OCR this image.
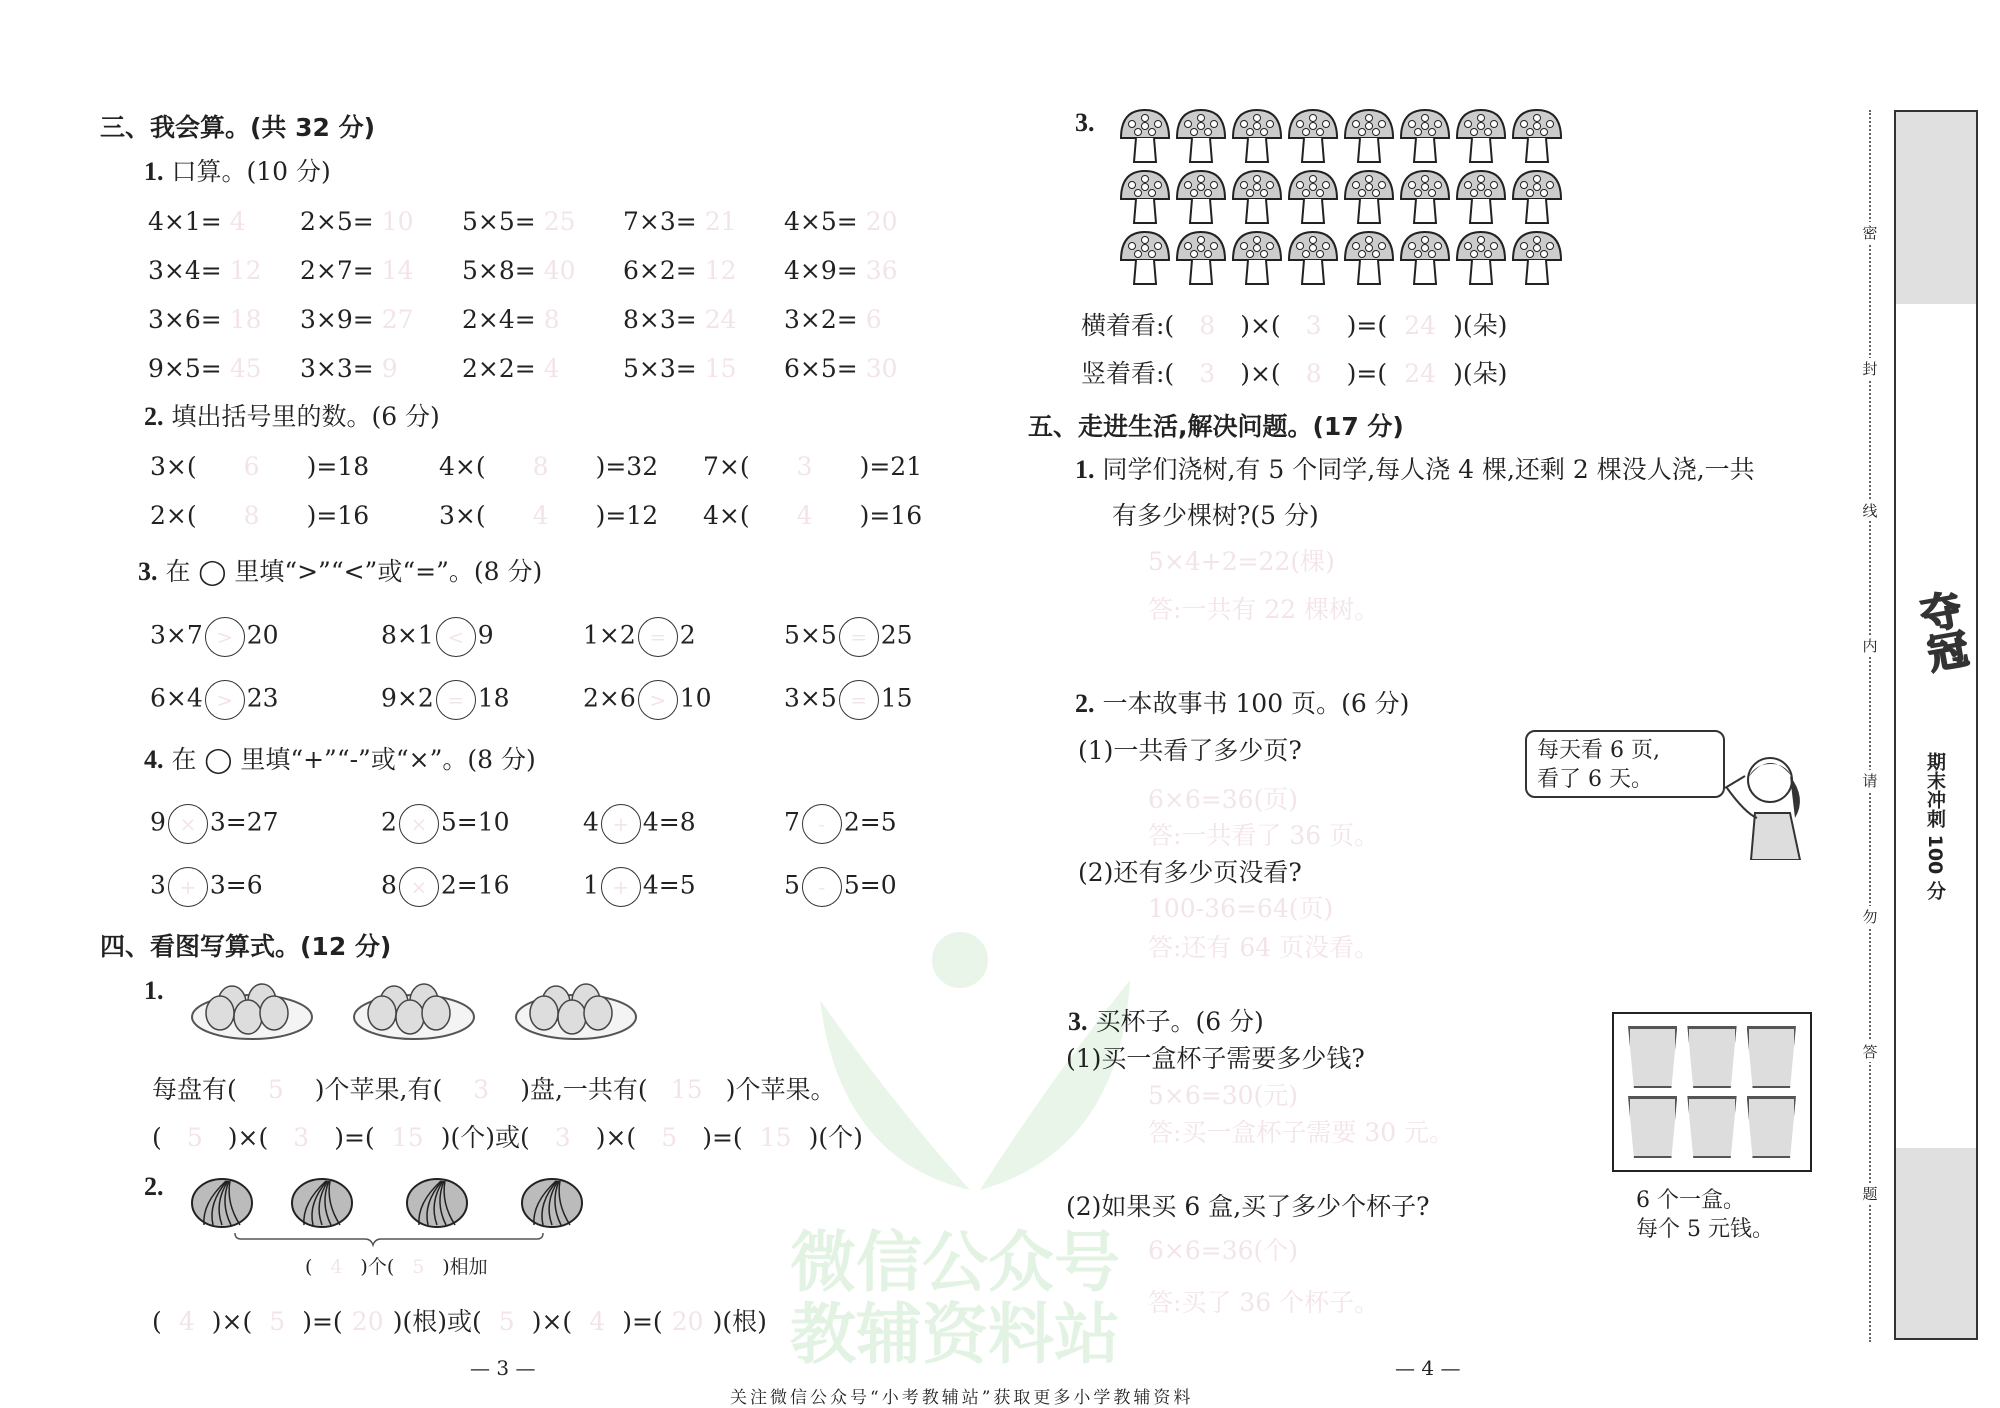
微信公众号
教辅资料站
三、我会算。(共 32 分)
1. 口算。(10 分)
2. 填出括号里的数。(6 分)
3. 在 ◯ 里填“>”“<”或“=”。(8 分)
4. 在 ◯ 里填“+”“-”或“×”。(8 分)
四、看图写算式。(12 分)
1.
每盘有( 5 )个苹果,有( 3 )盘,一共有( 15 )个苹果。
( 5 )×( 3 )=( 15 )(个)或( 3 )×( 5 )=( 15 )(个)
2.
( 4 )个( 5 )相加
( 4 )×( 5 )=( 20 )(根)或( 5 )×( 4 )=( 20 )(根)
— 3 —
3.
横着看:( 8 )×( 3 )=( 24 )(朵)
竖着看:( 3 )×( 8 )=( 24 )(朵)
五、走进生活,解决问题。(17 分)
1. 同学们浇树,有 5 个同学,每人浇 4 棵,还剩 2 棵没人浇,一共
有多少棵树?(5 分)
5×4+2=22(棵)
答:一共有 22 棵树。
2. 一本故事书 100 页。(6 分)
(1)一共看了多少页?
6×6=36(页)
答:一共看了 36 页。
(2)还有多少页没看?
100-36=64(页)
答:还有 64 页没看。
每天看 6 页,
看了 6 天。
3. 买杯子。(6 分)
(1)买一盒杯子需要多少钱?
5×6=30(元)
答:买一盒杯子需要 30 元。
(2)如果买 6 盒,买了多少个杯子?
6×6=36(个)
答:买了 36 个杯子。
6 个一盒。
每个 5 元钱。
— 4 —
夺冠
期末冲刺 100 分
关注微信公众号“小考教辅站”获取更多小学教辅资料
4×1= 4 2×5= 10 5×5= 25 7×3= 21 4×5= 20
3×4= 12 2×7= 14 5×8= 40 6×2= 12 4×9= 36
3×6= 18 3×9= 27 2×4= 8	8×3= 24 3×2= 6
9×5= 45 3×3= 9	2×2= 4	5×3= 15 6×5= 30
3×( 6 )=18	4×( 8 )=32 7×( 3 )=21
2×( 8 )=16	3×( 4 )=12 4×( 4 )=16
3×7 > 20	8×1 < 9	1×2 = 2	5×5 = 25
6×4 > 23	9×2 = 18	2×6 > 10	3×5 = 15
9 × 3=27	2 × 5=10	4 + 4=8	7 - 2=5
3 + 3=6	8 × 2=16	1 + 4=5	5 - 5=0
密
封
线
内
请
勿
答
题
